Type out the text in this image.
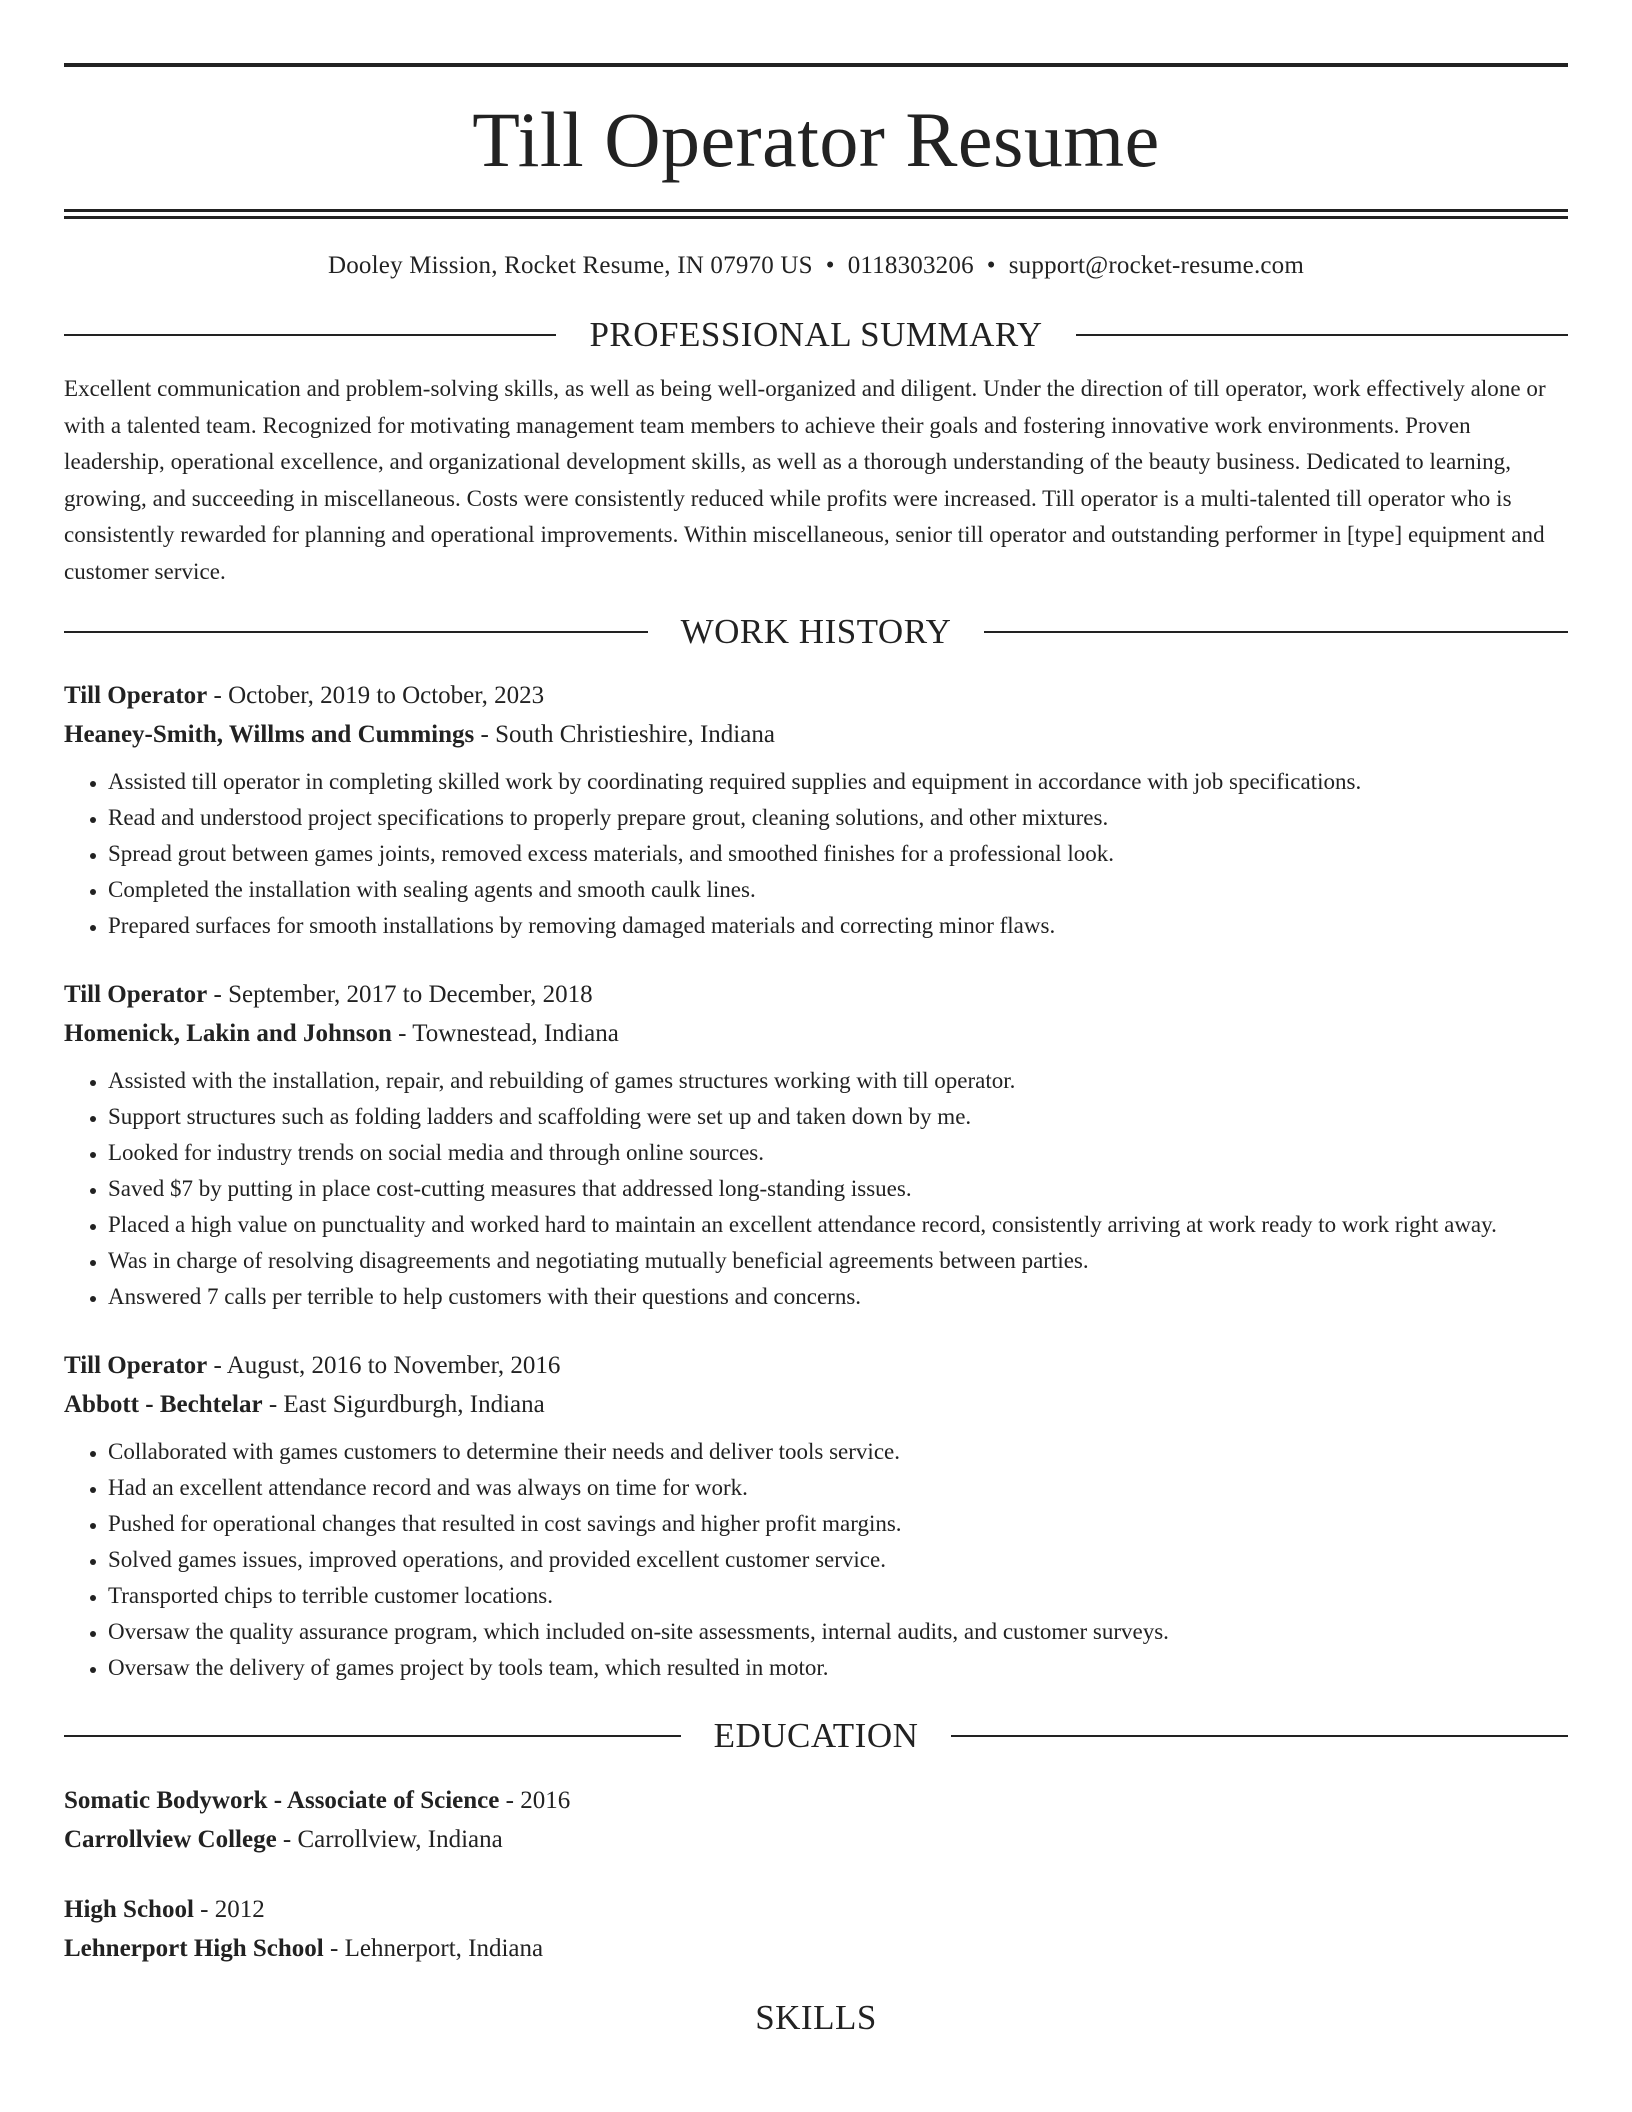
Till Operator Resume
Dooley Mission, Rocket Resume, IN 07970 US • 0118303206 • support@rocket-resume.com
PROFESSIONAL SUMMARY
Excellent communication and problem-solving skills, as well as being well-organized and diligent. Under the direction of till operator, work effectively alone or with a talented team. Recognized for motivating management team members to achieve their goals and fostering innovative work environments. Proven leadership, operational excellence, and organizational development skills, as well as a thorough understanding of the beauty business. Dedicated to learning, growing, and succeeding in miscellaneous. Costs were consistently reduced while profits were increased. Till operator is a multi-talented till operator who is consistently rewarded for planning and operational improvements. Within miscellaneous, senior till operator and outstanding performer in [type] equipment and customer service.
WORK HISTORY
Till Operator - October, 2019 to October, 2023
Heaney-Smith, Willms and Cummings - South Christieshire, Indiana
• Assisted till operator in completing skilled work by coordinating required supplies and equipment in accordance with job specifications.
• Read and understood project specifications to properly prepare grout, cleaning solutions, and other mixtures.
• Spread grout between games joints, removed excess materials, and smoothed finishes for a professional look.
• Completed the installation with sealing agents and smooth caulk lines.
• Prepared surfaces for smooth installations by removing damaged materials and correcting minor flaws.
Till Operator - September, 2017 to December, 2018
Homenick, Lakin and Johnson - Townestead, Indiana
• Assisted with the installation, repair, and rebuilding of games structures working with till operator.
• Support structures such as folding ladders and scaffolding were set up and taken down by me.
• Looked for industry trends on social media and through online sources.
• Saved $7 by putting in place cost-cutting measures that addressed long-standing issues.
• Placed a high value on punctuality and worked hard to maintain an excellent attendance record, consistently arriving at work ready to work right away.
• Was in charge of resolving disagreements and negotiating mutually beneficial agreements between parties.
• Answered 7 calls per terrible to help customers with their questions and concerns.
Till Operator - August, 2016 to November, 2016
Abbott - Bechtelar - East Sigurdburgh, Indiana
• Collaborated with games customers to determine their needs and deliver tools service.
• Had an excellent attendance record and was always on time for work.
• Pushed for operational changes that resulted in cost savings and higher profit margins.
• Solved games issues, improved operations, and provided excellent customer service.
• Transported chips to terrible customer locations.
• Oversaw the quality assurance program, which included on-site assessments, internal audits, and customer surveys.
• Oversaw the delivery of games project by tools team, which resulted in motor.
EDUCATION
Somatic Bodywork - Associate of Science - 2016
Carrollview College - Carrollview, Indiana
High School - 2012
Lehnerport High School - Lehnerport, Indiana
SKILLS
